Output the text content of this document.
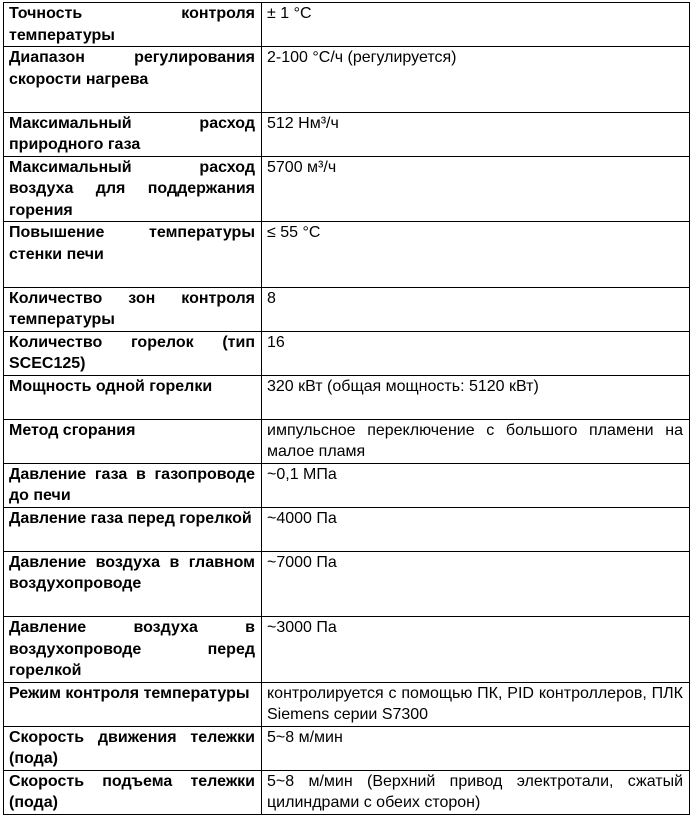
Точность контроля температуры	± 1 °С
Диапазон регулирования скорости нагрева	2-100 °С/ч (регулируется)
Максимальный расход природного газа	512 Нм³/ч
Максимальный расход воздуха для поддержания горения	5700 м³/ч
Повышение температуры стенки печи	≤ 55 °С
Количество зон контроля температуры	8
Количество горелок (тип SCEC125)	16
Мощность одной горелки	320 кВт (общая мощность: 5120 кВт)
Метод сгорания	импульсное переключение с большого пламени на малое пламя
Давление газа в газопроводе до печи	~0,1 МПа
Давление газа перед горелкой	~4000 Па
Давление воздуха в главном воздухопроводе	~7000 Па
Давление воздуха в воздухопроводе перед горелкой	~3000 Па
Режим контроля температуры	контролируется с помощью ПК, PID контроллеров, ПЛК Siemens серии S7300
Скорость движения тележки (пода)	5~8 м/мин
Скорость подъема тележки (пода)	5~8 м/мин (Верхний привод электротали, сжатый цилиндрами с обеих сторон)
